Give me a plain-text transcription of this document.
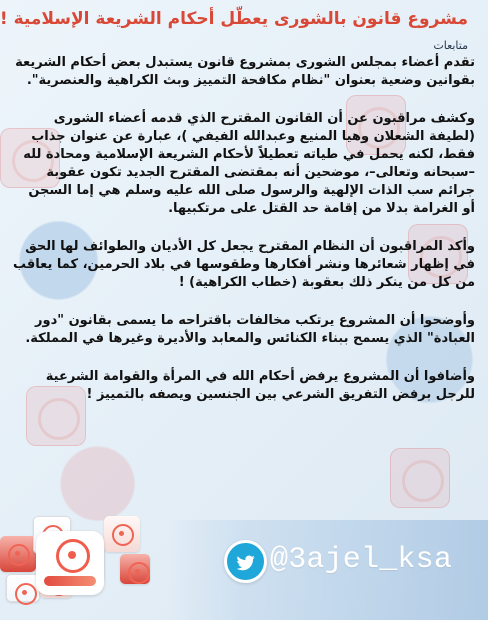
مشروع قانون بالشورى يعطّل أحكام الشريعة الإسلامية !
متابعات

تقدم أعضاء بمجلس الشورى بمشروع قانون يستبدل بعض أحكام الشريعة بقوانين وضعية بعنوان "نظام مكافحة التمييز وبث الكراهية والعنصرية".

وكشف مراقبون عن أن القانون المقترح الذي قدمه أعضاء الشورى (لطيفة الشعلان وهيا المنيع وعبدالله الفيفي )، عبارة عن عنوان جذاب فقط، لكنه يحمل في طياته تعطيلاً لأحكام الشريعة الإسلامية ومحادة لله –سبحانه وتعالى–، موضحين أنه بمقتضى المقترح الجديد تكون عقوبة جرائم سب الذات الإلهية والرسول صلى الله عليه وسلم هي إما السجن أو الغرامة بدلا من إقامة حد القتل على مرتكبيها.

وأكد المراقبون أن النظام المقترح يجعل كل الأديان والطوائف لها الحق في إظهار شعائرها ونشر أفكارها وطقوسها في بلاد الحرمين، كما يعاقب من كل من ينكر ذلك بعقوبة (خطاب الكراهية) !

وأوضحوا أن المشروع يرتكب مخالفات باقتراحه ما يسمى بقانون "دور العبادة" الذي يسمح ببناء الكنائس والمعابد والأديرة وغيرها في المملكة.

وأضافوا أن المشروع يرفض أحكام الله في المرأة والقوامة الشرعية للرجل برفض التفريق الشرعي بين الجنسين ويصفه بالتمييز !

@3ajel_ksa
